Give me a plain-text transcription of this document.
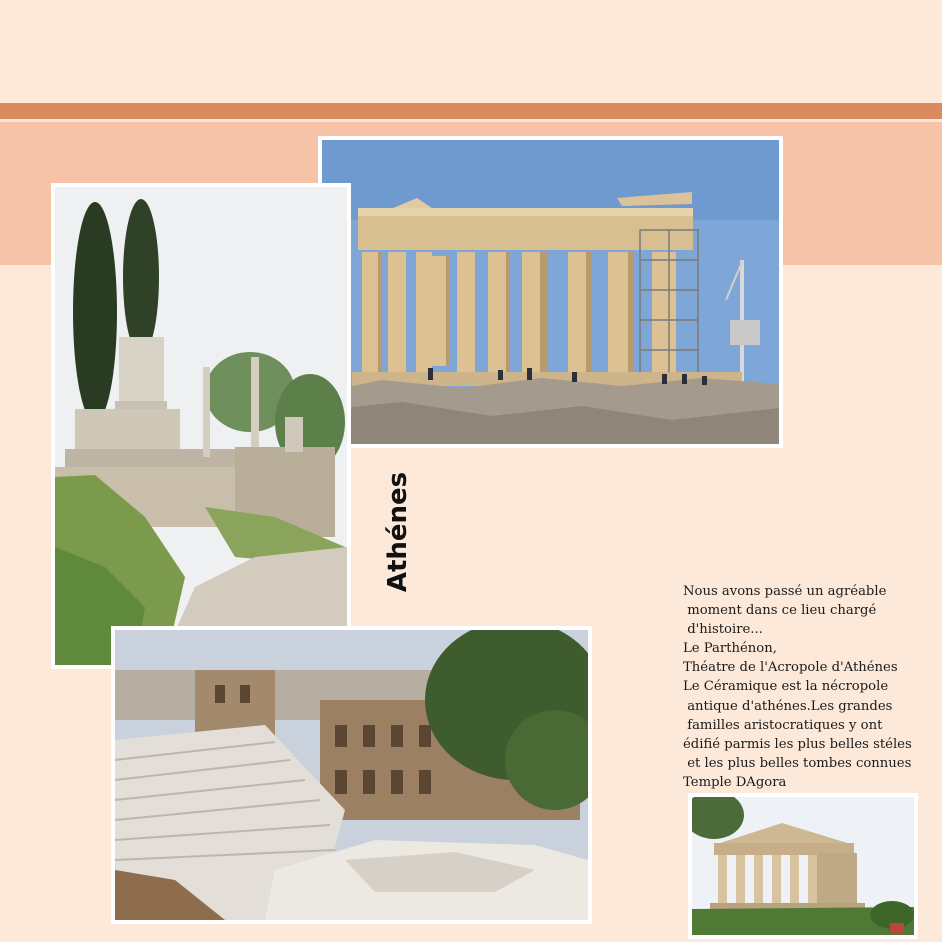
Athénes	Nous avons passé un agréable
moment dans ce lieu chargé
d'histoire...
Le Parthénon,
Théatre de l'Acropole d'Athénes
Le Céramique est la nécropole
antique d'athénes.Les grandes
familles aristocratiques y ont
édifié parmis les plus belles stéles
et les plus belles tombes connues
Temple DAgora
